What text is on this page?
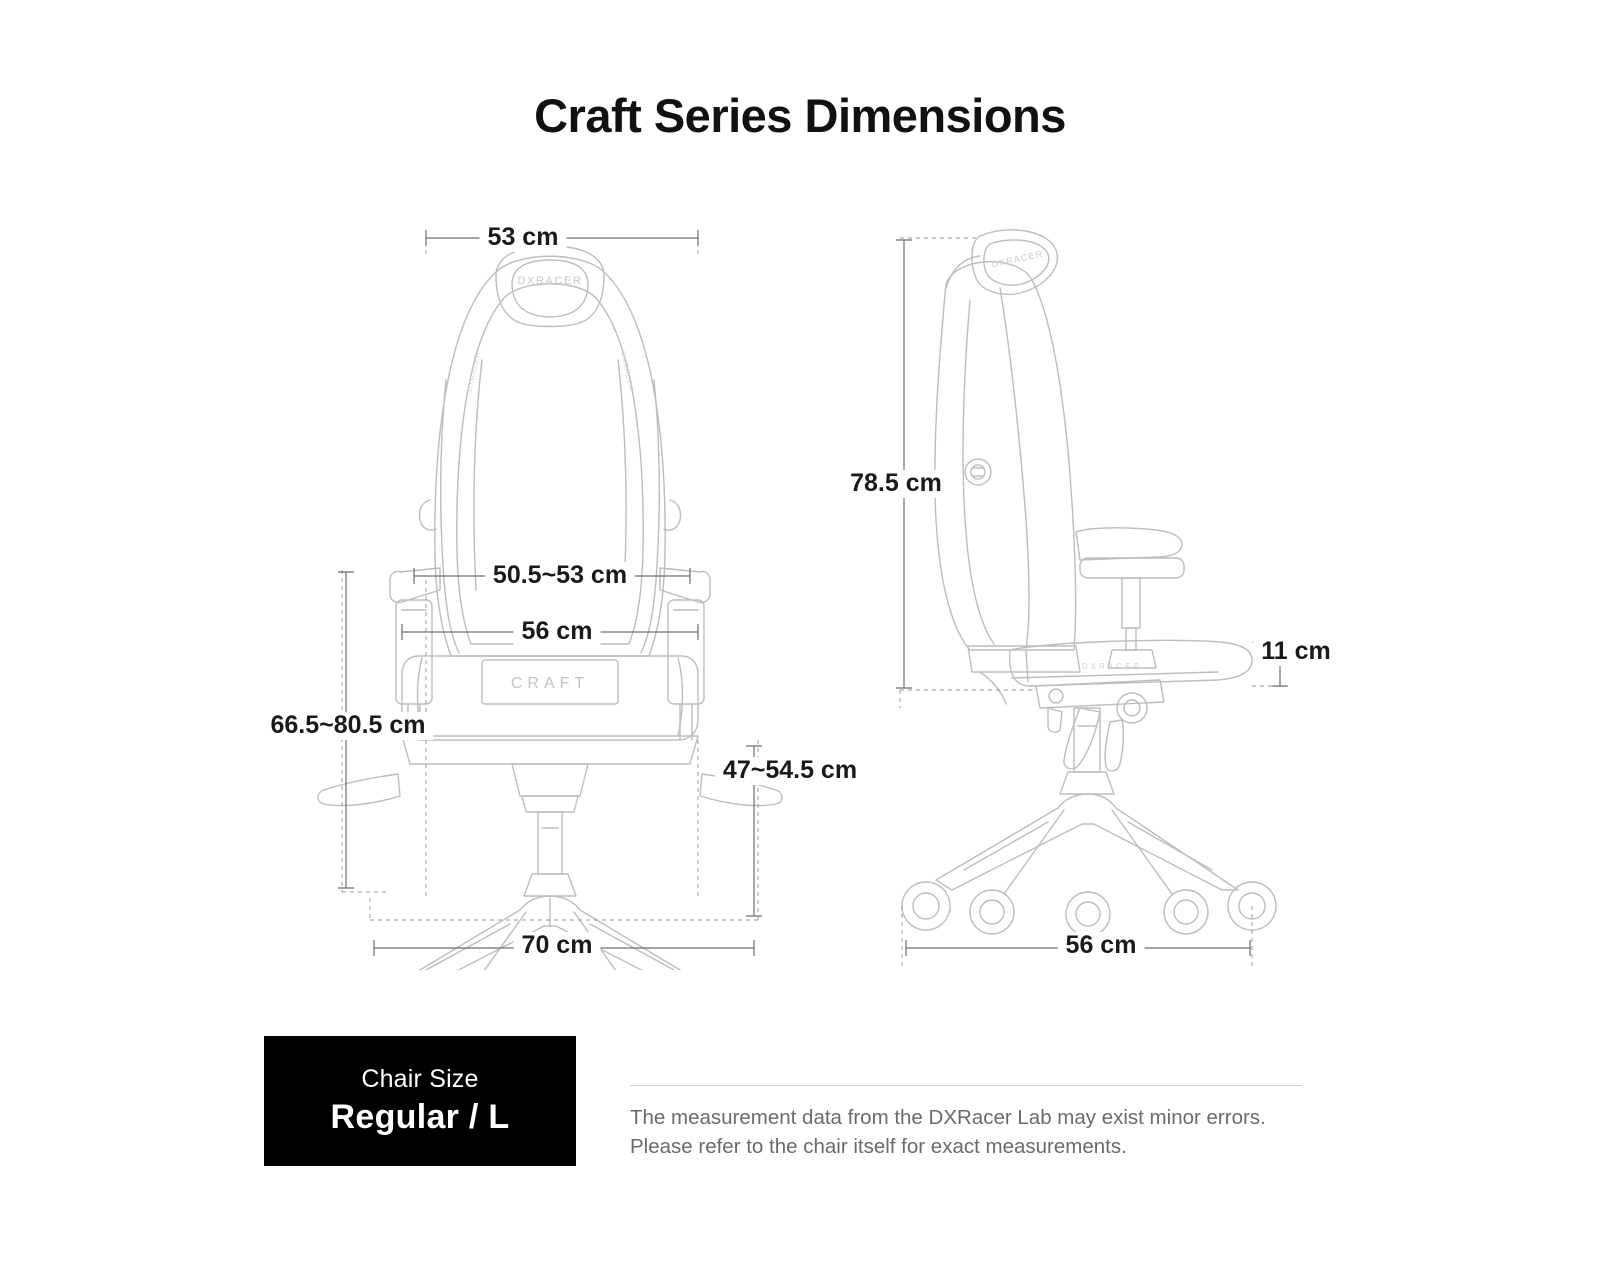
Craft Series Dimensions
DXRACER
DXRACER	DXRACER
CRAFT
53 cm
50.5~53 cm
56 cm
66.5~80.5 cm
47~54.5 cm
70 cm
DXRACER
DXRACER
78.5 cm
11 cm
56 cm
Chair Size
Regular / L	The measurement data from the DXRacer Lab may exist minor errors.
Please refer to the chair itself for exact measurements.
